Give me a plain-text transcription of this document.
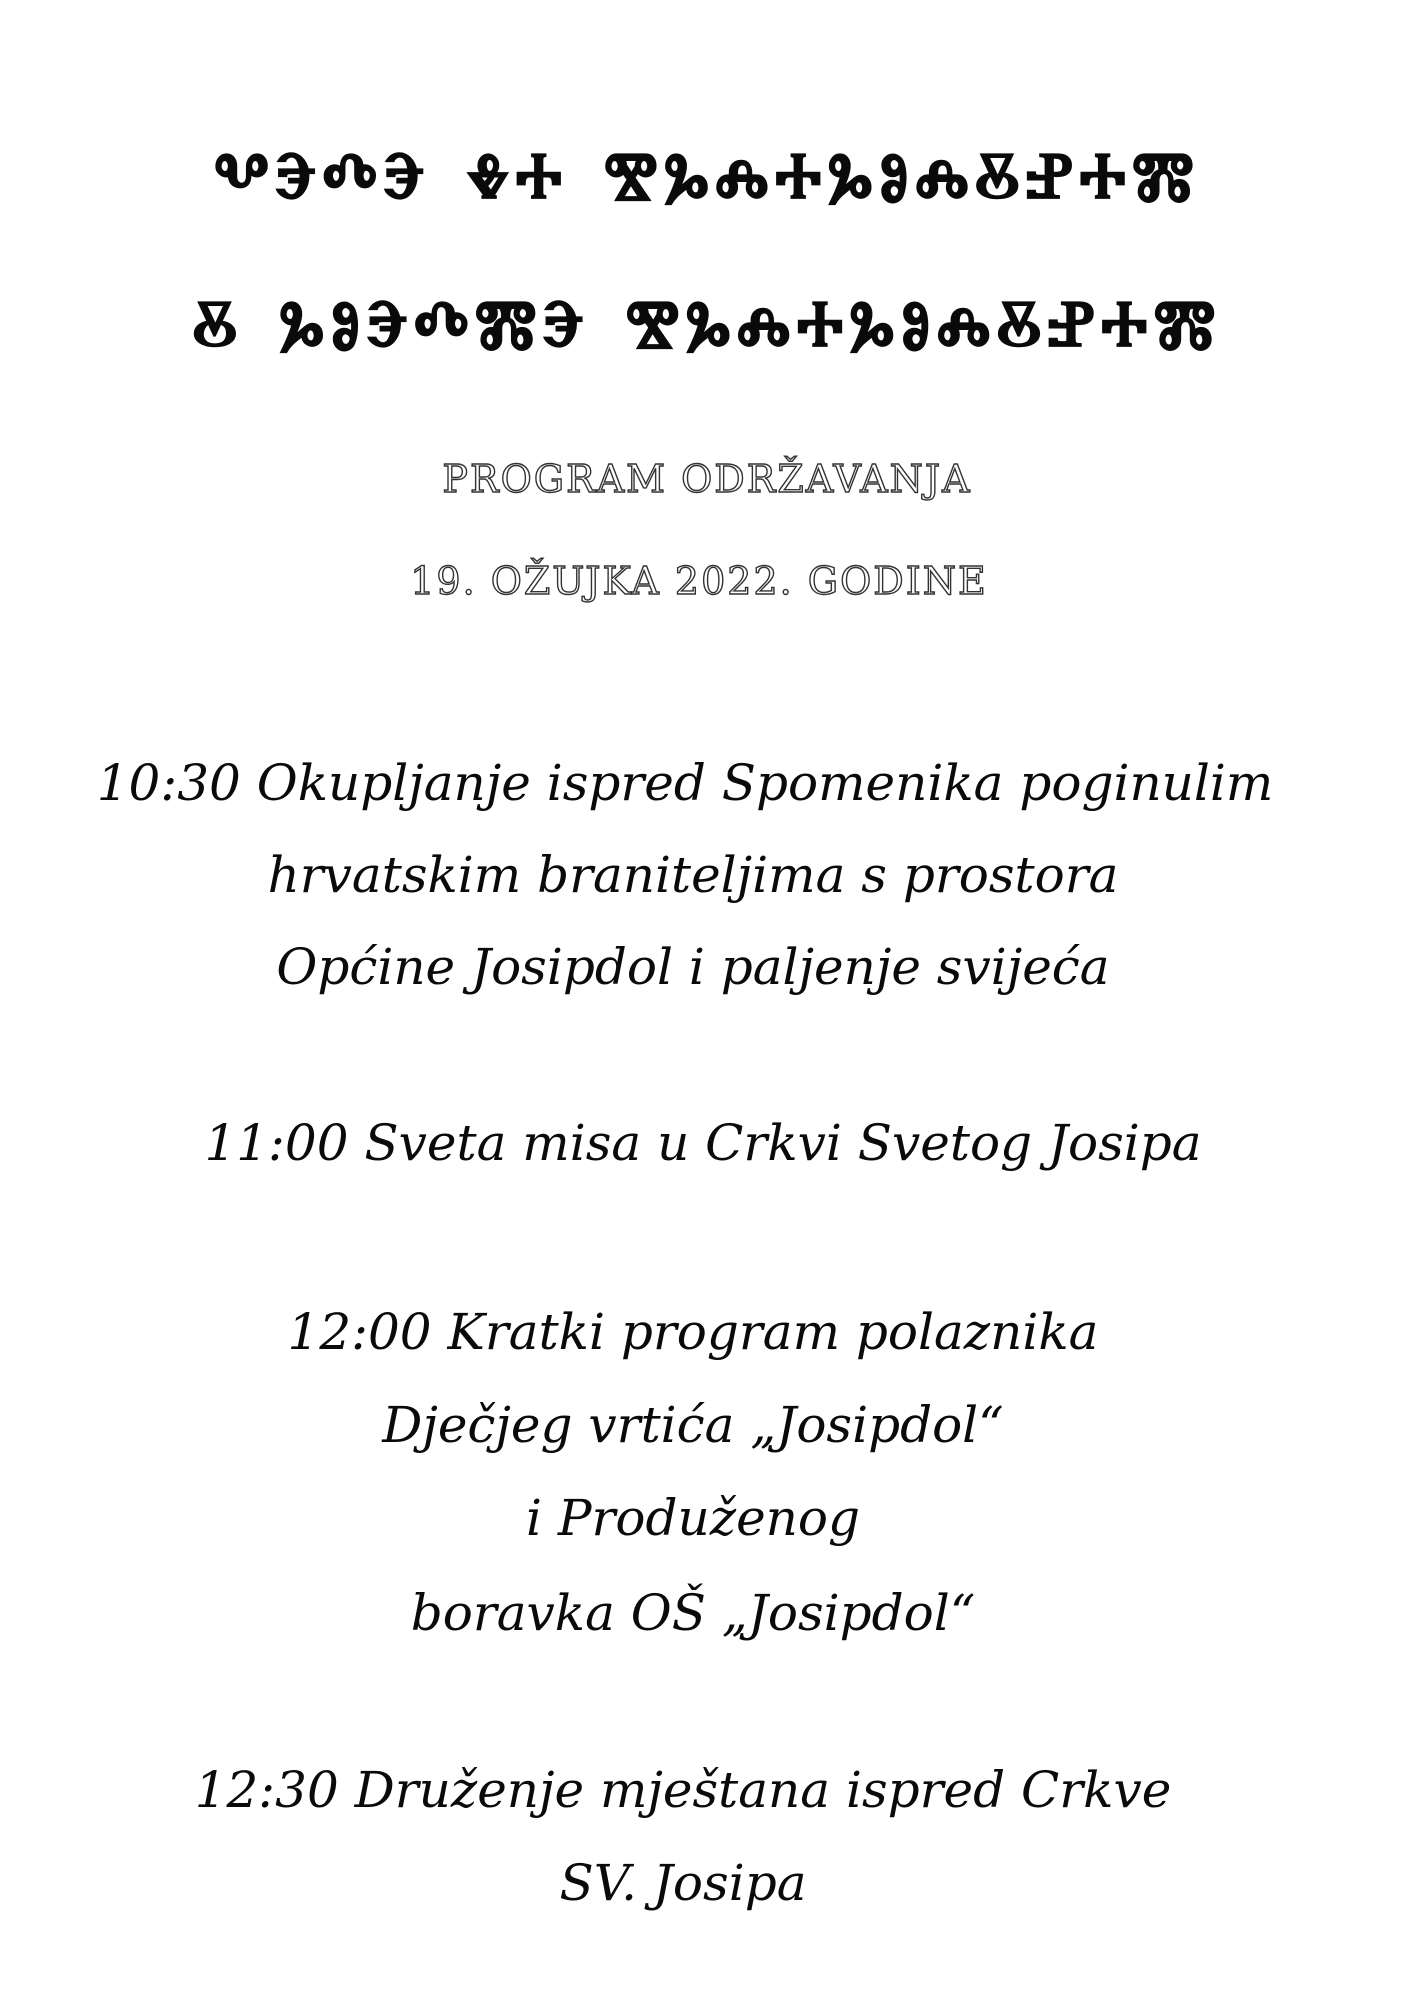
ⰲⰵⰴⰵ ⰷⰰ ⰺⰳⰾⰰⰳⱁⰾⰻⱀⰰⰿ
ⰻ ⰳⱁⰵⰴⰿⰵ ⰺⰳⰾⰰⰳⱁⰾⰻⱀⰰⰿ
PROGRAM ODRŽAVANJA
19. OŽUJKA 2022. GODINE
10:30 Okupljanje ispred Spomenika poginulim
hrvatskim braniteljima s prostora
Općine Josipdol i paljenje svijeća
11:00 Sveta misa u Crkvi Svetog Josipa
12:00 Kratki program polaznika
Dječjeg vrtića „Josipdol“
i Produženog
boravka OŠ „Josipdol“
12:30 Druženje mještana ispred Crkve
SV. Josipa
